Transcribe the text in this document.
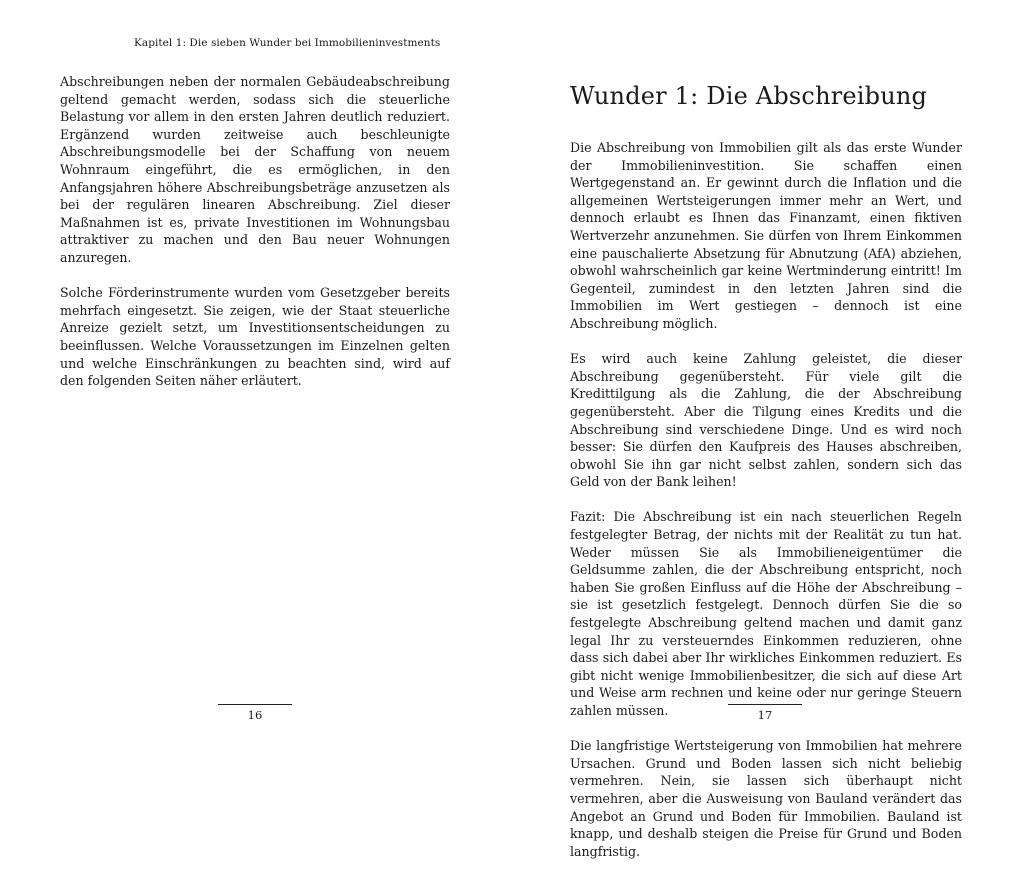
Kapitel 1: Die sieben Wunder bei Immobilieninvestments

Abschreibungen neben der normalen Gebäudeabschreibung geltend gemacht werden, sodass sich die steuerliche Belastung vor allem in den ersten Jahren deutlich reduziert. Ergänzend wurden zeitweise auch beschleunigte Abschreibungsmodelle bei der Schaffung von neuem Wohnraum eingeführt, die es ermöglichen, in den Anfangsjahren höhere Abschreibungsbeträge anzusetzen als bei der regulären linearen Abschreibung. Ziel dieser Maßnahmen ist es, private Investitionen im Wohnungsbau attraktiver zu machen und den Bau neuer Wohnungen anzuregen.

Solche Förderinstrumente wurden vom Gesetzgeber bereits mehrfach eingesetzt. Sie zeigen, wie der Staat steuerliche Anreize gezielt setzt, um Investitionsentscheidungen zu beeinflussen. Welche Voraussetzungen im Einzelnen gelten und welche Einschränkungen zu beachten sind, wird auf den folgenden Seiten näher erläutert.

16
Wunder 1: Die Abschreibung

Die Abschreibung von Immobilien gilt als das erste Wunder der Immobilieninvestition. Sie schaffen einen Wertgegenstand an. Er gewinnt durch die Inflation und die allgemeinen Wertsteigerungen immer mehr an Wert, und dennoch erlaubt es Ihnen das Finanzamt, einen fiktiven Wertverzehr anzunehmen. Sie dürfen von Ihrem Einkommen eine pauschalierte Absetzung für Abnutzung (AfA) abziehen, obwohl wahrscheinlich gar keine Wertminderung eintritt! Im Gegenteil, zumindest in den letzten Jahren sind die Immobilien im Wert gestiegen – dennoch ist eine Abschreibung möglich.

Es wird auch keine Zahlung geleistet, die dieser Abschreibung gegenübersteht. Für viele gilt die Kredittilgung als die Zahlung, die der Abschreibung gegenübersteht. Aber die Tilgung eines Kredits und die Abschreibung sind verschiedene Dinge. Und es wird noch besser: Sie dürfen den Kaufpreis des Hauses abschreiben, obwohl Sie ihn gar nicht selbst zahlen, sondern sich das Geld von der Bank leihen!

Fazit: Die Abschreibung ist ein nach steuerlichen Regeln festgelegter Betrag, der nichts mit der Realität zu tun hat. Weder müssen Sie als Immobilieneigentümer die Geldsumme zahlen, die der Abschreibung entspricht, noch haben Sie großen Einfluss auf die Höhe der Abschreibung – sie ist gesetzlich festgelegt. Dennoch dürfen Sie die so festgelegte Abschreibung geltend machen und damit ganz legal Ihr zu versteuerndes Einkommen reduzieren, ohne dass sich dabei aber Ihr wirkliches Einkommen reduziert. Es gibt nicht wenige Immobilienbesitzer, die sich auf diese Art und Weise arm rechnen und keine oder nur geringe Steuern zahlen müssen.

Die langfristige Wertsteigerung von Immobilien hat mehrere Ursachen. Grund und Boden lassen sich nicht beliebig vermehren. Nein, sie lassen sich überhaupt nicht vermehren, aber die Ausweisung von Bauland verändert das Angebot an Grund und Boden für Immobilien. Bauland ist knapp, und deshalb steigen die Preise für Grund und Boden langfristig.

17
